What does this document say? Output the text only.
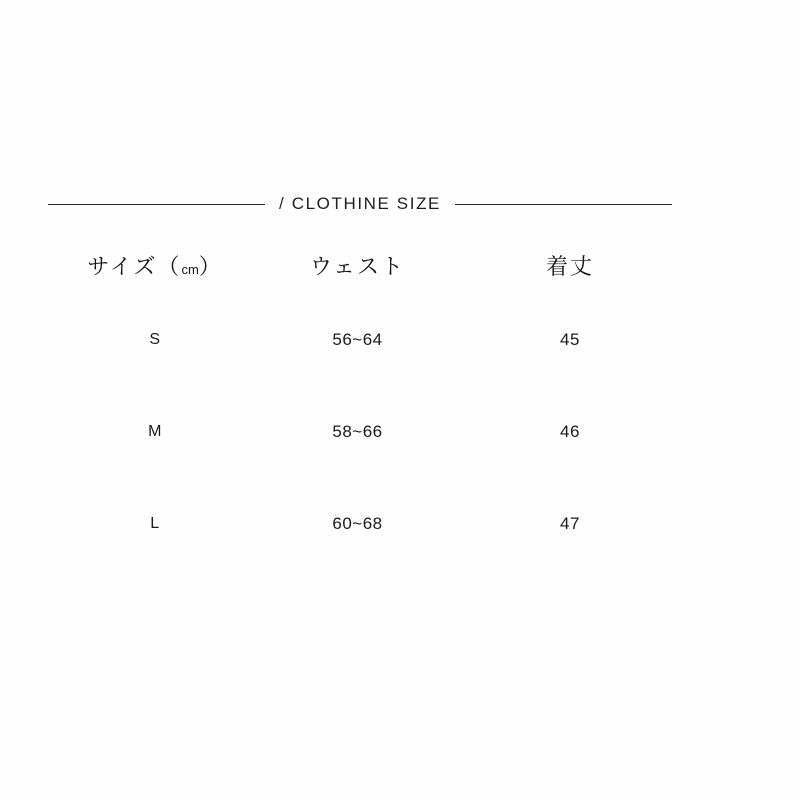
/ CLOTHINE SIZE
サイズ（cm）	ウェスト	着丈
S	56~64	45
M	58~66	46
L	60~68	47
